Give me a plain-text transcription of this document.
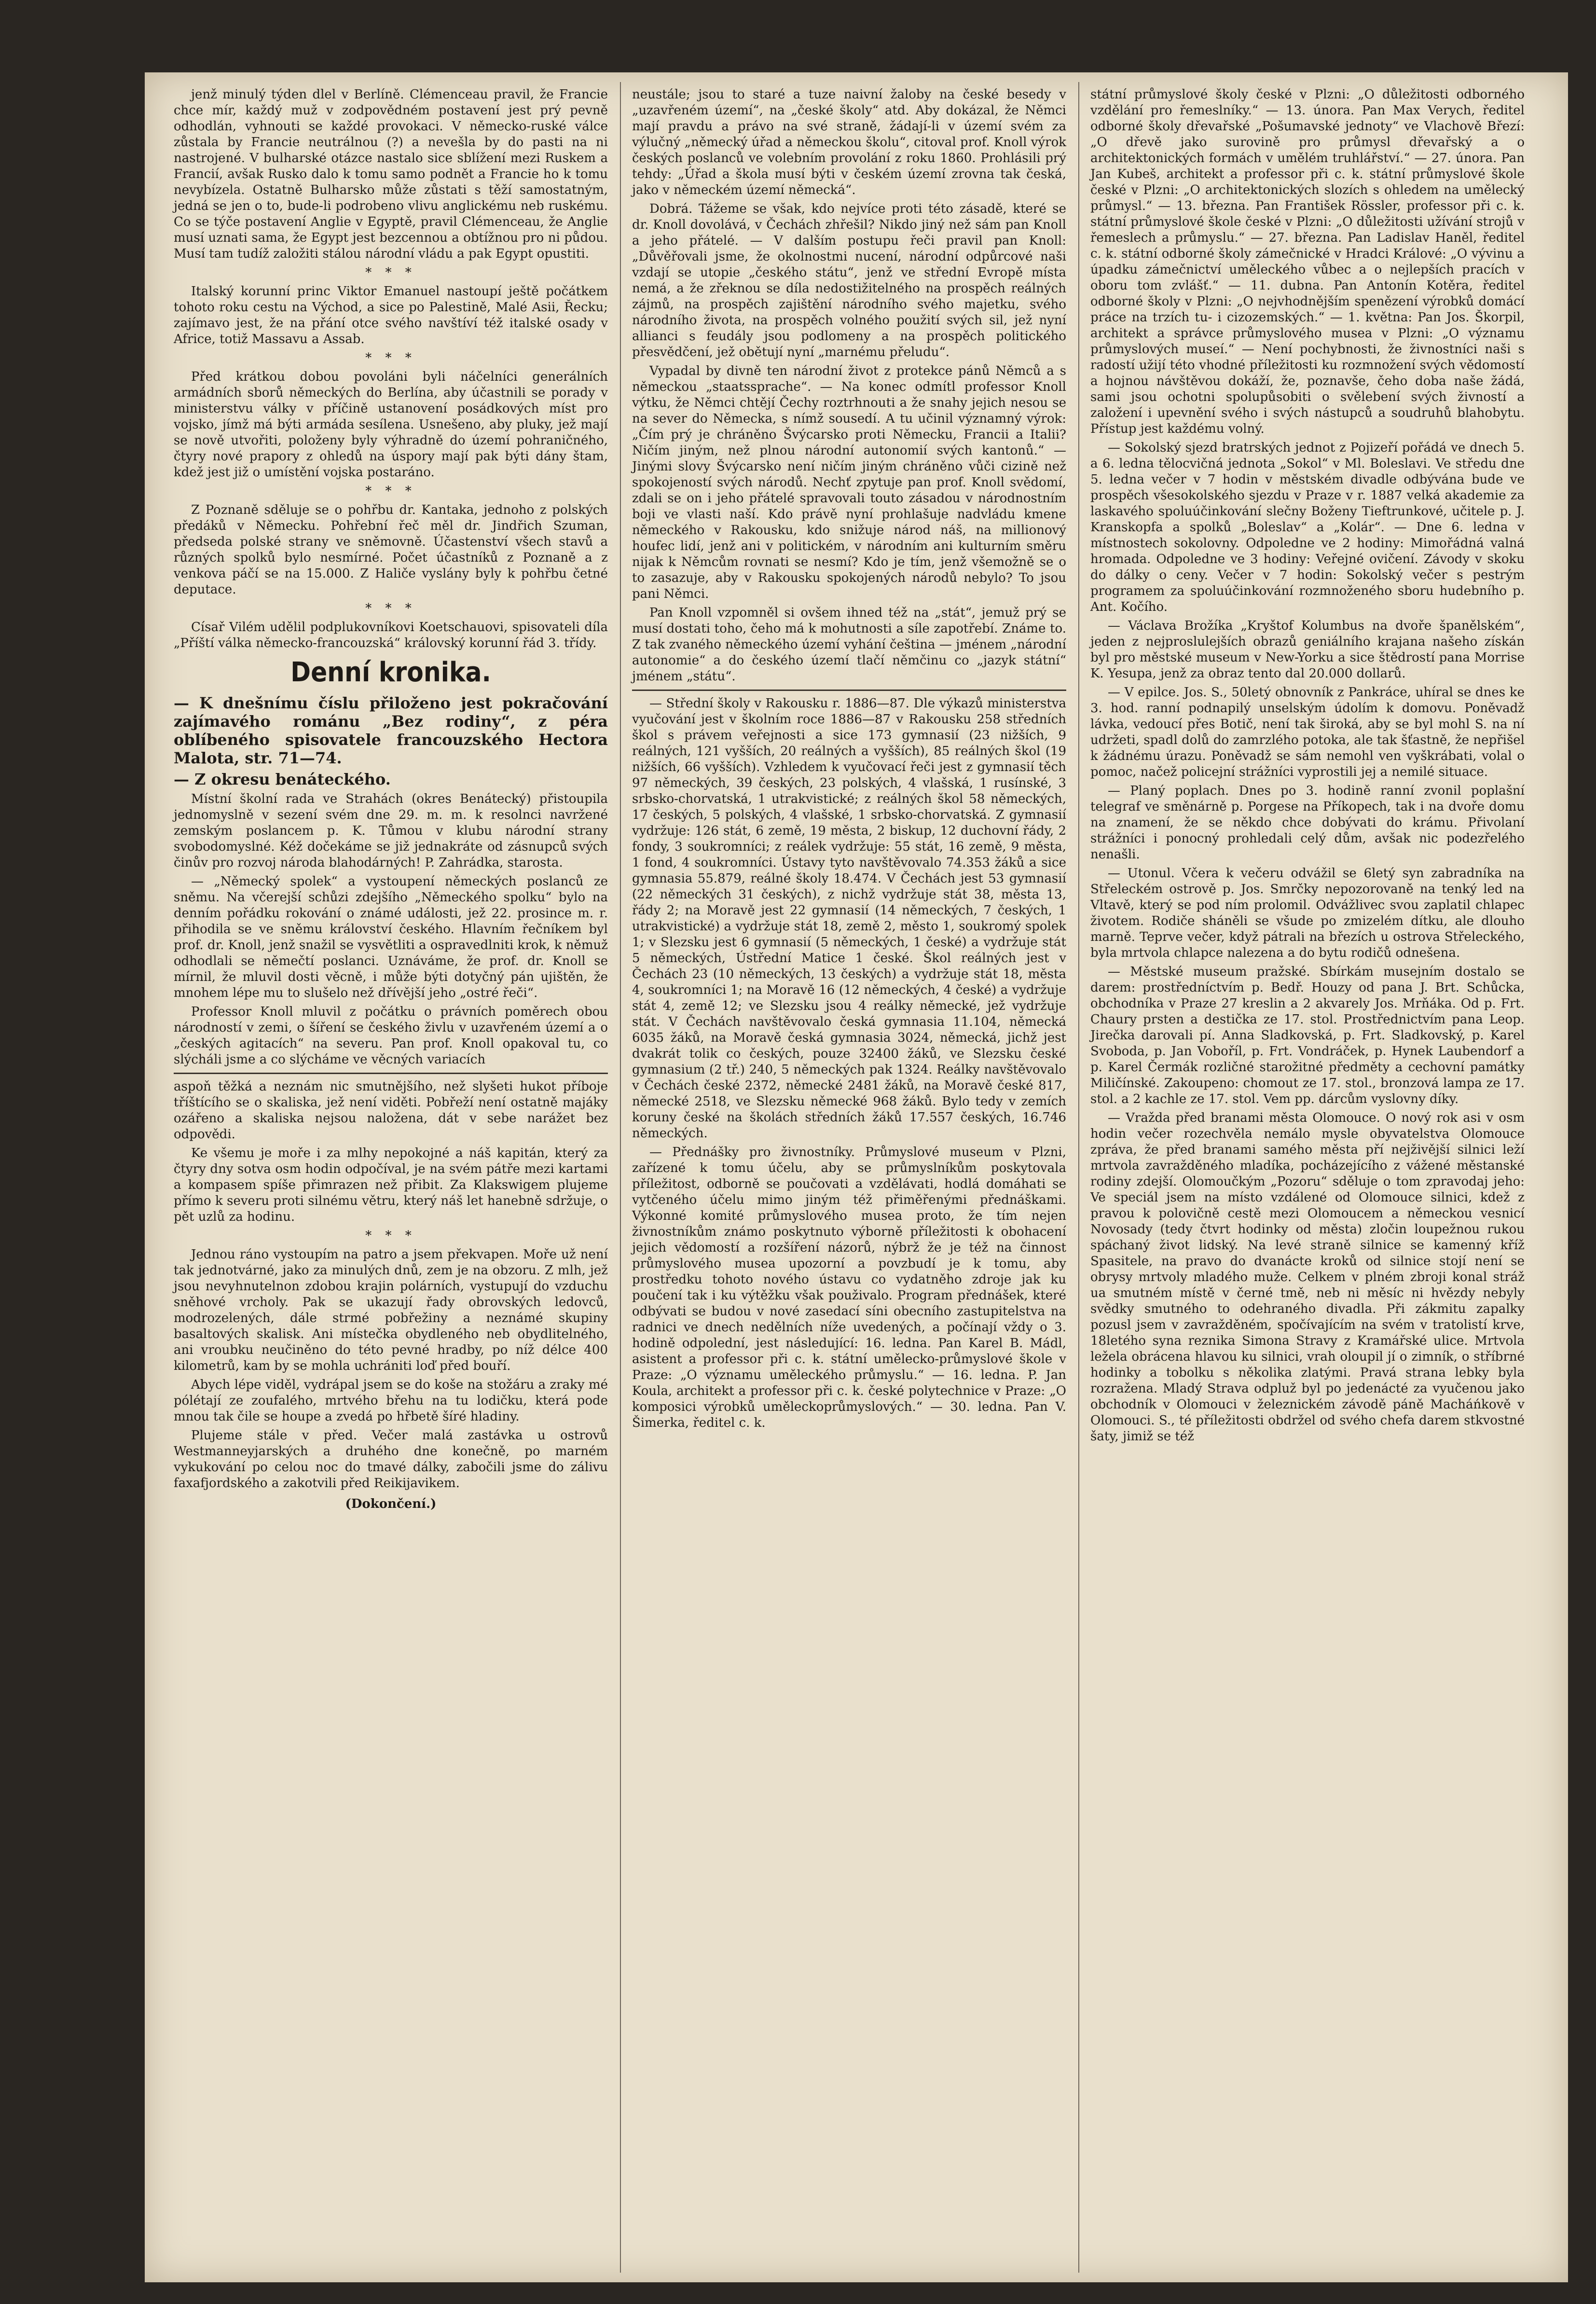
jenž minulý týden dlel v Berlíně. Clémenceau pravil, že Francie chce mír, každý muž v zodpovědném postavení jest prý pevně odhodlán, vyhnouti se každé provokaci. V německo-ruské válce zůstala by Francie neutrálnou (?) a nevešla by do pasti na ni nastrojené. V bulharské otázce nastalo sice sblížení mezi Ruskem a Francií, avšak Rusko dalo k tomu samo podnět a Francie ho k tomu nevybízela. Ostatně Bulharsko může zůstati s těží samostatným, jedná se jen o to, bude-li podrobeno vlivu anglickému neb ruskému. Co se týče postavení Anglie v Egyptě, pravil Clémenceau, že Anglie musí uznati sama, že Egypt jest bezcennou a obtížnou pro ni půdou. Musí tam tudíž založiti stálou národní vládu a pak Egypt opustiti.

* * *

Italský korunní princ Viktor Emanuel nastoupí ještě počátkem tohoto roku cestu na Východ, a sice po Palestině, Malé Asii, Řecku; zajímavo jest, že na přání otce svého navštíví též italské osady v Africe, totiž Massavu a Assab.

* * *

Před krátkou dobou povoláni byli náčelníci generálních armádních sborů německých do Berlína, aby účastnili se porady v ministerstvu války v příčině ustanovení posádkových míst pro vojsko, jímž má býti armáda sesílena. Usnešeno, aby pluky, jež mají se nově utvořiti, položeny byly výhradně do území pohraničného, čtyry nové prapory z ohledů na úspory mají pak býti dány štam, kdež jest již o umístění vojska postaráno.

* * *

Z Poznaně sděluje se o pohřbu dr. Kantaka, jednoho z polských předáků v Německu. Pohřební řeč měl dr. Jindřich Szuman, předseda polské strany ve sněmovně. Účastenství všech stavů a různých spolků bylo nesmírné. Počet účastníků z Poznaně a z venkova páčí se na 15.000. Z Haliče vyslány byly k pohřbu četné deputace.

* * *

Císař Vilém udělil podplukovníkovi Koetschauovi, spisovateli díla „Příští válka německo-francouzská“ královský korunní řád 3. třídy.

Denní kronika.

— K dnešnímu číslu přiloženo jest pokračování zajímavého románu „Bez rodiny“, z péra oblíbeného spisovatele francouzského Hectora Malota, str. 71—74.

— Z okresu benáteckého.

Místní školní rada ve Strahách (okres Benátecký) přistoupila jednomyslně v sezení svém dne 29. m. m. k resolnci navržené zemským poslancem p. K. Tůmou v klubu národní strany svobodomyslné. Kéž dočekáme se již jednakráte od zásnupců svých činův pro rozvoj národa blahodárných! P. Zahrádka, starosta.

— „Německý spolek“ a vystoupení německých poslanců ze sněmu. Na včerejší schůzi zdejšího „Německého spolku“ bylo na denním pořádku rokování o známé události, jež 22. prosince m. r. přihodila se ve sněmu království českého. Hlavním řečníkem byl prof. dr. Knoll, jenž snažil se vysvětliti a ospravedlniti krok, k němuž odhodlali se němečtí poslanci. Uznáváme, že prof. dr. Knoll se mírnil, že mluvil dosti věcně, i může býti dotyčný pán ujištěn, že mnohem lépe mu to slušelo než dřívější jeho „ostré řeči“.

Professor Knoll mluvil z počátku o právních poměrech obou národností v zemi, o šíření se českého živlu v uzavřeném území a o „českých agitacích“ na severu. Pan prof. Knoll opakoval tu, co slýcháli jsme a co slýcháme ve věcných variacích

aspoň těžká a neznám nic smutnějšího, než slyšeti hukot příboje tříštícího se o skaliska, jež není viděti. Pobřeží není ostatně majáky ozářeno a skaliska nejsou naložena, dát v sebe narážet bez odpovědi.

Ke všemu je moře i za mlhy nepokojné a náš kapitán, který za čtyry dny sotva osm hodin odpočíval, je na svém pátře mezi kartami a kompasem spíše přimrazen než přibit. Za Klakswigem plujeme přímo k severu proti silnému větru, který náš let hanebně sdržuje, o pět uzlů za hodinu.

* * *

Jednou ráno vystoupím na patro a jsem překvapen. Moře už není tak jednotvárné, jako za minulých dnů, zem je na obzoru. Z mlh, jež jsou nevyhnutelnon zdobou krajin polárních, vystupují do vzduchu sněhové vrcholy. Pak se ukazují řady obrovských ledovců, modrozelených, dále strmé pobřežiny a neznámé skupiny basaltových skalisk. Ani místečka obydleného neb obydlitelného, ani vroubku neučiněno do této pevné hradby, po níž délce 400 kilometrů, kam by se mohla uchrániti loď před bouří.

Abych lépe viděl, vydrápal jsem se do koše na stožáru a zraky mé pólétají ze zoufalého, mrtvého břehu na tu lodičku, která pode mnou tak čile se houpe a zvedá po hřbetě šíré hladiny.

Plujeme stále v před. Večer malá zastávka u ostrovů Westmanneyjarských a druhého dne konečně, po marném vykukování po celou noc do tmavé dálky, zabočili jsme do zálivu faxafjordského a zakotvili před Reikijavikem.

(Dokončení.)

neustále; jsou to staré a tuze naivní žaloby na české besedy v „uzavřeném území“, na „české školy“ atd. Aby dokázal, že Němci mají pravdu a právo na své straně, žádají-li v území svém za výlučný „německý úřad a německou školu“, citoval prof. Knoll výrok českých poslanců ve volebním provolání z roku 1860. Prohlásili prý tehdy: „Úřad a škola musí býti v českém území zrovna tak česká, jako v německém území německá“.

Dobrá. Tážeme se však, kdo nejvíce proti této zásadě, které se dr. Knoll dovolává, v Čechách zhřešil? Nikdo jiný než sám pan Knoll a jeho přátelé. — V dalším postupu řeči pravil pan Knoll: „Důvěřovali jsme, že okolnostmi nucení, národní odpůrcové naši vzdají se utopie „českého státu“, jenž ve střední Evropě místa nemá, a že zřeknou se díla nedostižitelného na prospěch reálných zájmů, na prospěch zajištění národního svého majetku, svého národního života, na prospěch volného použití svých sil, jež nyní allianci s feudály jsou podlomeny a na prospěch politického přesvědčení, jež obětují nyní „marnému přeludu“.

Vypadal by divně ten národní život z protekce pánů Němců a s německou „staatssprache“. — Na konec odmítl professor Knoll výtku, že Němci chtějí Čechy roztrhnouti a že snahy jejich nesou se na sever do Německa, s nímž sousedí. A tu učinil významný výrok: „Čím prý je chráněno Švýcarsko proti Německu, Francii a Italii? Ničím jiným, než plnou národní autonomií svých kantonů.“ — Jinými slovy Švýcarsko není ničím jiným chráněno vůči cizině než spokojeností svých národů. Nechť zpytuje pan prof. Knoll svědomí, zdali se on i jeho přátelé spravovali touto zásadou v národnostním boji ve vlasti naší. Kdo právě nyní prohlašuje nadvládu kmene německého v Rakousku, kdo snižuje národ náš, na millionový houfec lidí, jenž ani v politickém, v národním ani kulturním směru nijak k Němcům rovnati se nesmí? Kdo je tím, jenž všemožně se o to zasazuje, aby v Rakousku spokojených národů nebylo? To jsou pani Němci.

Pan Knoll vzpomněl si ovšem ihned též na „stát“, jemuž prý se musí dostati toho, čeho má k mohutnosti a síle zapotřebí. Známe to. Z tak zvaného německého území vyhání čeština — jménem „národní autonomie“ a do českého území tlačí němčinu co „jazyk státní“ jménem „státu“.

— Střední školy v Rakousku r. 1886—87. Dle výkazů ministerstva vyučování jest v školním roce 1886—87 v Rakousku 258 středních škol s právem veřejnosti a sice 173 gymnasií (23 nižších, 9 reálných, 121 vyšších, 20 reálných a vyšších), 85 reálných škol (19 nižších, 66 vyšších). Vzhledem k vyučovací řeči jest z gymnasií těch 97 německých, 39 českých, 23 polských, 4 vlašská, 1 rusínské, 3 srbsko-chorvatská, 1 utrakvistické; z reálných škol 58 německých, 17 českých, 5 polských, 4 vlašské, 1 srbsko-chorvatská. Z gymnasií vydržuje: 126 stát, 6 země, 19 města, 2 biskup, 12 duchovní řády, 2 fondy, 3 soukromníci; z reálek vydržuje: 55 stát, 16 země, 9 města, 1 fond, 4 soukromníci. Ústavy tyto navštěvovalo 74.353 žáků a sice gymnasia 55.879, reálné školy 18.474. V Čechách jest 53 gymnasií (22 německých 31 českých), z nichž vydržuje stát 38, města 13, řády 2; na Moravě jest 22 gymnasií (14 německých, 7 českých, 1 utrakvistické) a vydržuje stát 18, země 2, město 1, soukromý spolek 1; v Slezsku jest 6 gymnasií (5 německých, 1 české) a vydržuje stát 5 německých, Ústřední Matice 1 české. Škol reálných jest v Čechách 23 (10 německých, 13 českých) a vydržuje stát 18, města 4, soukromníci 1; na Moravě 16 (12 německých, 4 české) a vydržuje stát 4, země 12; ve Slezsku jsou 4 reálky německé, jež vydržuje stát. V Čechách navštěvovalo česká gymnasia 11.104, německá 6035 žáků, na Moravě česká gymnasia 3024, německá, jichž jest dvakrát tolik co českých, pouze 32400 žáků, ve Slezsku české gymnasium (2 tř.) 240, 5 německých pak 1324. Reálky navštěvovalo v Čechách české 2372, německé 2481 žáků, na Moravě české 817, německé 2518, ve Slezsku německé 968 žáků. Bylo tedy v zemích koruny české na školách středních žáků 17.557 českých, 16.746 německých.

— Přednášky pro živnostníky. Průmyslové museum v Plzni, zařízené k tomu účelu, aby se průmyslníkům poskytovala příležitost, odborně se poučovati a vzdělávati, hodlá domáhati se vytčeného účelu mimo jiným též přiměřenými přednáškami. Výkonné komité průmyslového musea proto, že tím nejen živnostníkům známo poskytnuto výborně příležitosti k obohacení jejich vědomostí a rozšíření názorů, nýbrž že je též na činnost průmyslového musea upozorní a povzbudí je k tomu, aby prostředku tohoto nového ústavu co vydatněho zdroje jak ku poučení tak i ku výtěžku však použivalo. Program přednášek, které odbývati se budou v nové zasedací síni obecního zastupitelstva na radnici ve dnech nedělních níže uvedených, a počínají vždy o 3. hodině odpolední, jest následující: 16. ledna. Pan Karel B. Mádl, asistent a professor při c. k. státní umělecko-průmyslové škole v Praze: „O významu uměleckého průmyslu.“ — 16. ledna. P. Jan Koula, architekt a professor při c. k. české polytechnice v Praze: „O komposici výrobků uměleckoprůmyslových.“ — 30. ledna. Pan V. Šimerka, ředitel c. k.

státní průmyslové školy české v Plzni: „O důležitosti odborného vzdělání pro řemeslníky.“ — 13. února. Pan Max Verych, ředitel odborné školy dřevařské „Pošumavské jednoty“ ve Vlachově Březí: „O dřevě jako surovině pro průmysl dřevařský a o architektonických formách v umělém truhlářství.“ — 27. února. Pan Jan Kubeš, architekt a professor při c. k. státní průmyslové škole české v Plzni: „O architektonických slozích s ohledem na umělecký průmysl.“ — 13. března. Pan František Rössler, professor při c. k. státní průmyslové škole české v Plzni: „O důležitosti užívání strojů v řemeslech a průmyslu.“ — 27. března. Pan Ladislav Haněl, ředitel c. k. státní odborné školy zámečnické v Hradci Králové: „O vývinu a úpadku zámečnictví uměleckého vůbec a o nejlepších pracích v oboru tom zvlášť.“ — 11. dubna. Pan Antonín Kotěra, ředitel odborné školy v Plzni: „O nejvhodnějším spenězení výrobků domácí práce na trzích tu- i cizozemských.“ — 1. května: Pan Jos. Škorpil, architekt a správce průmyslového musea v Plzni: „O významu průmyslových museí.“ — Není pochybnosti, že živnostníci naši s radostí užijí této vhodné příležitosti ku rozmnožení svých vědomostí a hojnou návštěvou dokáží, že, poznavše, čeho doba naše žádá, sami jsou ochotni spolupůsobiti o svělebení svých živností a založení i upevnění svého i svých nástupců a soudruhů blahobytu. Přístup jest každému volný.

— Sokolský sjezd bratrských jednot z Pojizeří pořádá ve dnech 5. a 6. ledna tělocvičná jednota „Sokol“ v Ml. Boleslavi. Ve středu dne 5. ledna večer v 7 hodin v městském divadle odbývána bude ve prospěch všesokolského sjezdu v Praze v r. 1887 velká akademie za laskavého spoluúčinkování slečny Boženy Tieftrunkové, učitele p. J. Kranskopfa a spolků „Boleslav“ a „Kolár“. — Dne 6. ledna v místnostech sokolovny. Odpoledne ve 2 hodiny: Mimořádná valná hromada. Odpoledne ve 3 hodiny: Veřejné ovičení. Závody v skoku do dálky o ceny. Večer v 7 hodin: Sokolský večer s pestrým programem za spoluúčinkování rozmnoženého sboru hudebního p. Ant. Kočího.

— Václava Brožíka „Kryštof Kolumbus na dvoře španělském“, jeden z nejproslulejších obrazů geniálního krajana našeho získán byl pro městské museum v New-Yorku a sice štědrostí pana Morrise K. Yesupa, jenž za obraz tento dal 20.000 dollarů.

— V epilce. Jos. S., 50letý obnovník z Pankráce, uhíral se dnes ke 3. hod. ranní podnapilý unselským údolím k domovu. Poněvadž lávka, vedoucí přes Botič, není tak široká, aby se byl mohl S. na ní udržeti, spadl dolů do zamrzlého potoka, ale tak šťastně, že nepřišel k žádnému úrazu. Poněvadž se sám nemohl ven vyškrábati, volal o pomoc, načež policejní strážníci vyprostili jej a nemilé situace.

— Planý poplach. Dnes po 3. hodině ranní zvonil poplašní telegraf ve směnárně p. Porgese na Příkopech, tak i na dvoře domu na znamení, že se někdo chce dobývati do krámu. Přivolaní strážníci i ponocný prohledali celý dům, avšak nic podezřelého nenašli.

— Utonul. Včera k večeru odvážil se 6letý syn zabradníka na Střeleckém ostrově p. Jos. Smrčky nepozorovaně na tenký led na Vltavě, který se pod ním prolomil. Odvážlivec svou zaplatil chlapec životem. Rodiče sháněli se všude po zmizelém dítku, ale dlouho marně. Teprve večer, když pátrali na březích u ostrova Střeleckého, byla mrtvola chlapce nalezena a do bytu rodičů odnešena.

— Městské museum pražské. Sbírkám musejním dostalo se darem: prostředníctvím p. Bedř. Houzy od pana J. Brt. Schůcka, obchodníka v Praze 27 kreslin a 2 akvarely Jos. Mrňáka. Od p. Frt. Chaury prsten a destička ze 17. stol. Prostřednictvím pana Leop. Jirečka darovali pí. Anna Sladkovská, p. Frt. Sladkovský, p. Karel Svoboda, p. Jan Voboříl, p. Frt. Vondráček, p. Hynek Laubendorf a p. Karel Čermák rozličné starožitné předměty a cechovní památky Miličínské. Zakoupeno: chomout ze 17. stol., bronzová lampa ze 17. stol. a 2 kachle ze 17. stol. Vem pp. dárcům vyslovny díky.

— Vražda před branami města Olomouce. O nový rok asi v osm hodin večer rozechvěla nemálo mysle obyvatelstva Olomouce zpráva, že před branami samého města pří nejživější silnici leží mrtvola zavražděného mladíka, pocházejícího z vážené městanské rodiny zdejší. Olomoučkým „Pozoru“ sděluje o tom zpravodaj jeho: Ve speciál jsem na místo vzdálené od Olomouce silnici, kdež z pravou k polovičně cestě mezi Olomoucem a německou vesnicí Novosady (tedy čtvrt hodinky od města) zločin loupežnou rukou spáchaný život lidský. Na levé straně silnice se kamenný kříž Spasitele, na pravo do dvanácte kroků od silnice stojí není se obrysy mrtvoly mladého muže. Celkem v plném zbroji konal stráž ua smutném místě v černé tmě, neb ni měsíc ni hvězdy nebyly svědky smutného to odehraného divadla. Při zákmitu zapalky pozusl jsem v zavražděném, spočívajícím na svém v tratolistí krve, 18letého syna reznika Simona Stravy z Kramářské ulice. Mrtvola ležela obrácena hlavou ku silnici, vrah oloupil jí o zimník, o stříbrné hodinky a tobolku s několika zlatými. Pravá strana lebky byla rozražena. Mladý Strava odpluž byl po jedenácté za vyučenou jako obchodník v Olomouci v železnickém závodě páně Macháńkově v Olomouci. S., té příležitosti obdržel od svého chefa darem stkvostné šaty, jimiž se též
